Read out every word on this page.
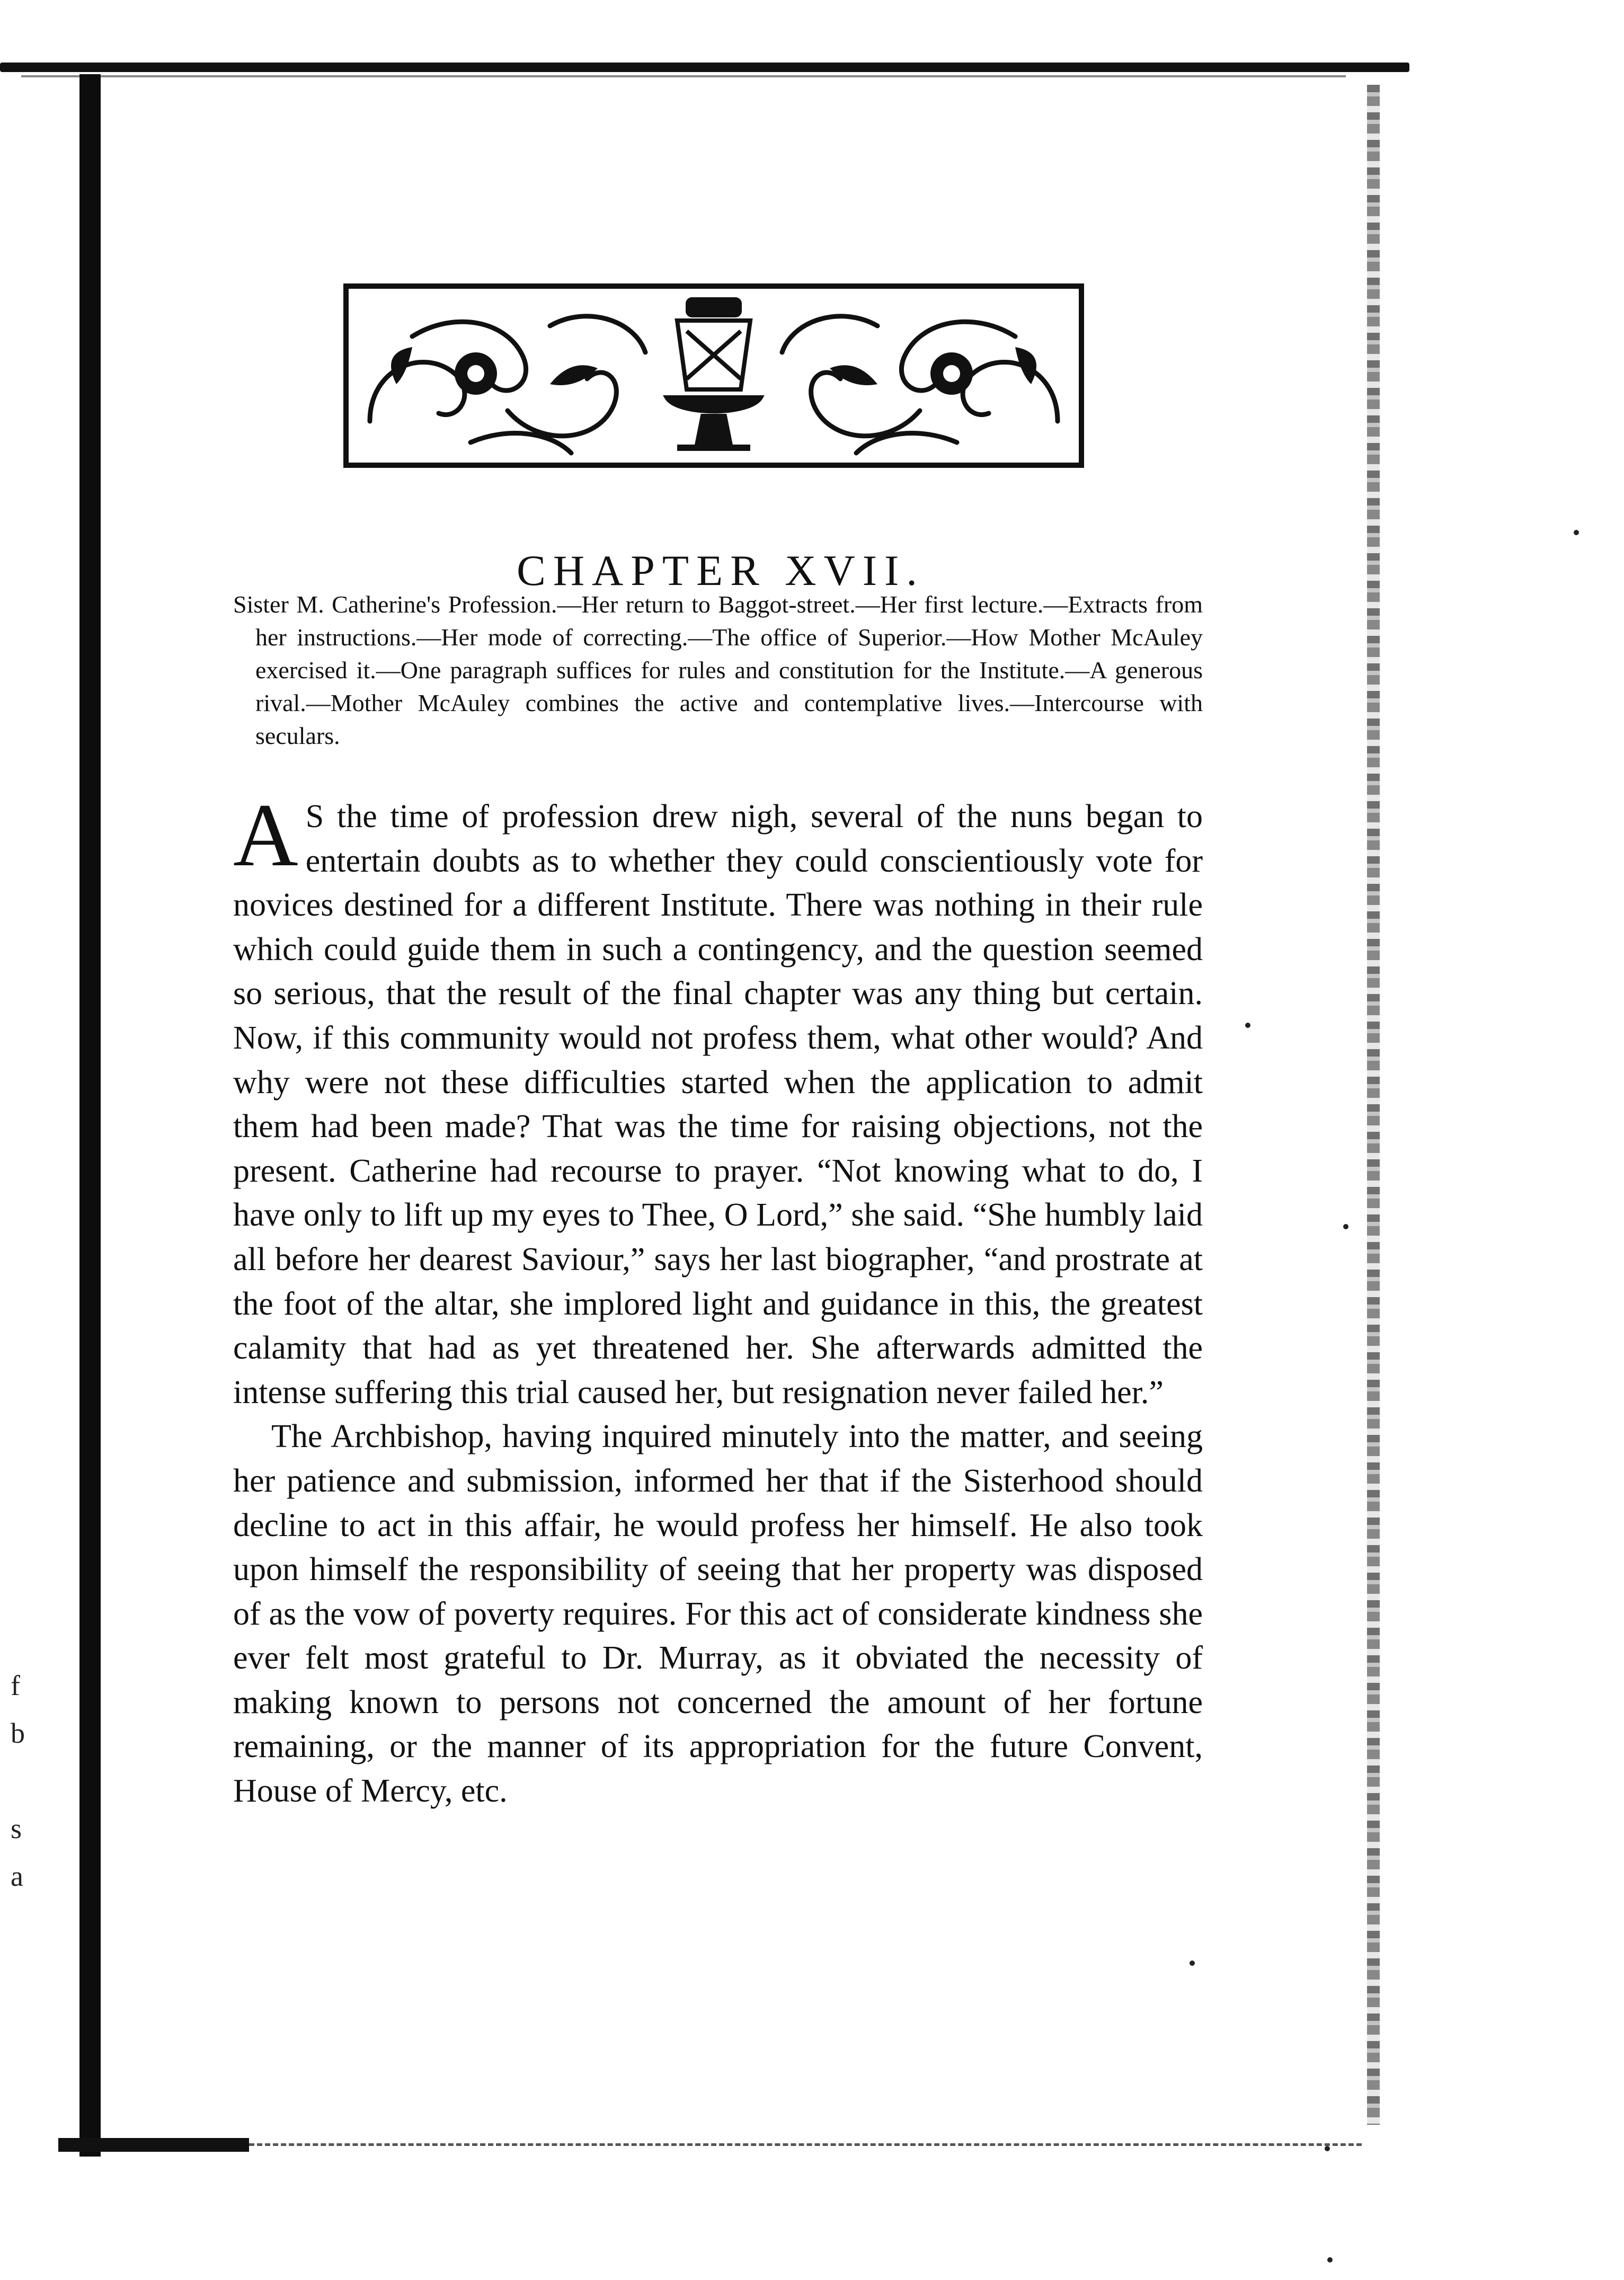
f
b
s
a
CHAPTER XVII.
Sister M. Catherine's Profession.—Her return to Baggot-street.—Her first lecture.—Extracts from her instructions.—Her mode of correcting.—The office of Superior.—How Mother McAuley exercised it.—One paragraph suffices for rules and constitution for the Institute.—A generous rival.—Mother McAuley combines the active and contemplative lives.—Intercourse with seculars.

A S the time of profession drew nigh, several of the nuns began to entertain doubts as to whether they could conscientiously vote for novices destined for a different Institute. There was nothing in their rule which could guide them in such a contingency, and the question seemed so serious, that the result of the final chapter was any thing but certain. Now, if this community would not profess them, what other would? And why were not these difficulties started when the application to admit them had been made? That was the time for raising objections, not the present. Catherine had recourse to prayer. “Not knowing what to do, I have only to lift up my eyes to Thee, O Lord,” she said. “She humbly laid all before her dearest Saviour,” says her last biographer, “and prostrate at the foot of the altar, she implored light and guidance in this, the greatest calamity that had as yet threatened her. She afterwards admitted the intense suffering this trial caused her, but resignation never failed her.”

The Archbishop, having inquired minutely into the matter, and seeing her patience and submission, informed her that if the Sisterhood should decline to act in this affair, he would profess her himself. He also took upon himself the responsibility of seeing that her property was disposed of as the vow of poverty requires. For this act of considerate kindness she ever felt most grateful to Dr. Murray, as it obviated the necessity of making known to persons not concerned the amount of her fortune remaining, or the manner of its appropriation for the future Convent, House of Mercy, etc.
